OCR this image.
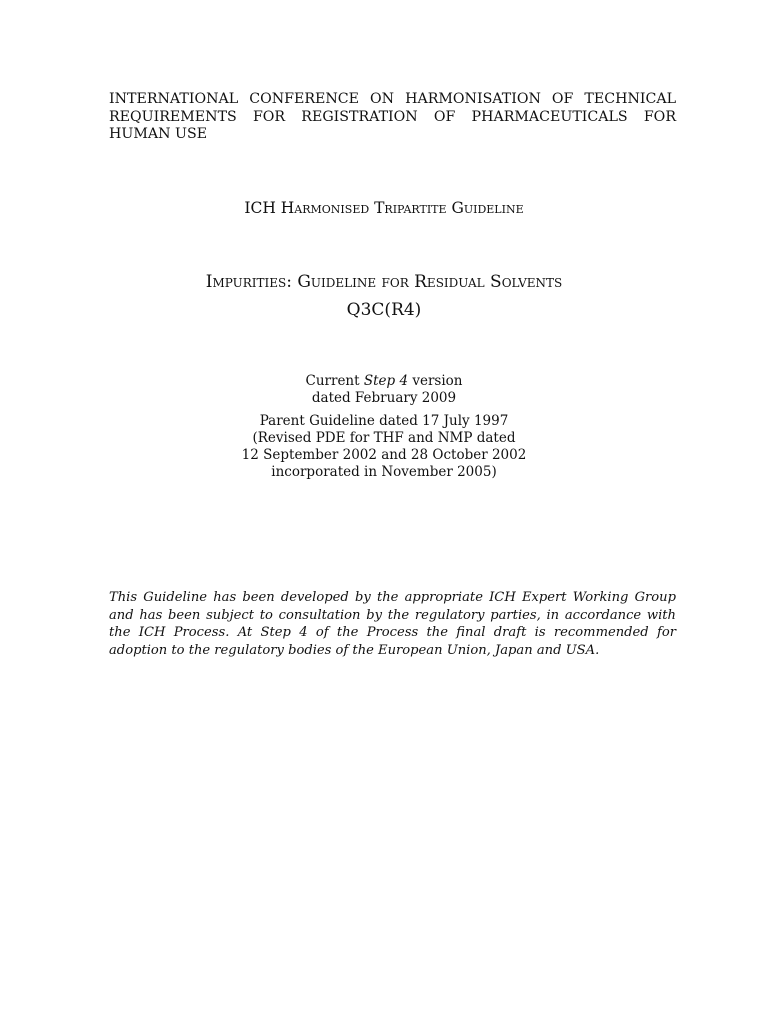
INTERNATIONAL CONFERENCE ON HARMONISATION OF TECHNICAL REQUIREMENTS FOR REGISTRATION OF PHARMACEUTICALS FOR HUMAN USE

ICH Harmonised Tripartite Guideline

Impurities: Guideline for Residual Solvents

Q3C(R4)

Current Step 4 version
dated February 2009
Parent Guideline dated 17 July 1997
(Revised PDE for THF and NMP dated
12 September 2002 and 28 October 2002
incorporated in November 2005)

This Guideline has been developed by the appropriate ICH Expert Working Group and has been subject to consultation by the regulatory parties, in accordance with the ICH Process. At Step 4 of the Process the final draft is recommended for adoption to the regulatory bodies of the European Union, Japan and USA.
